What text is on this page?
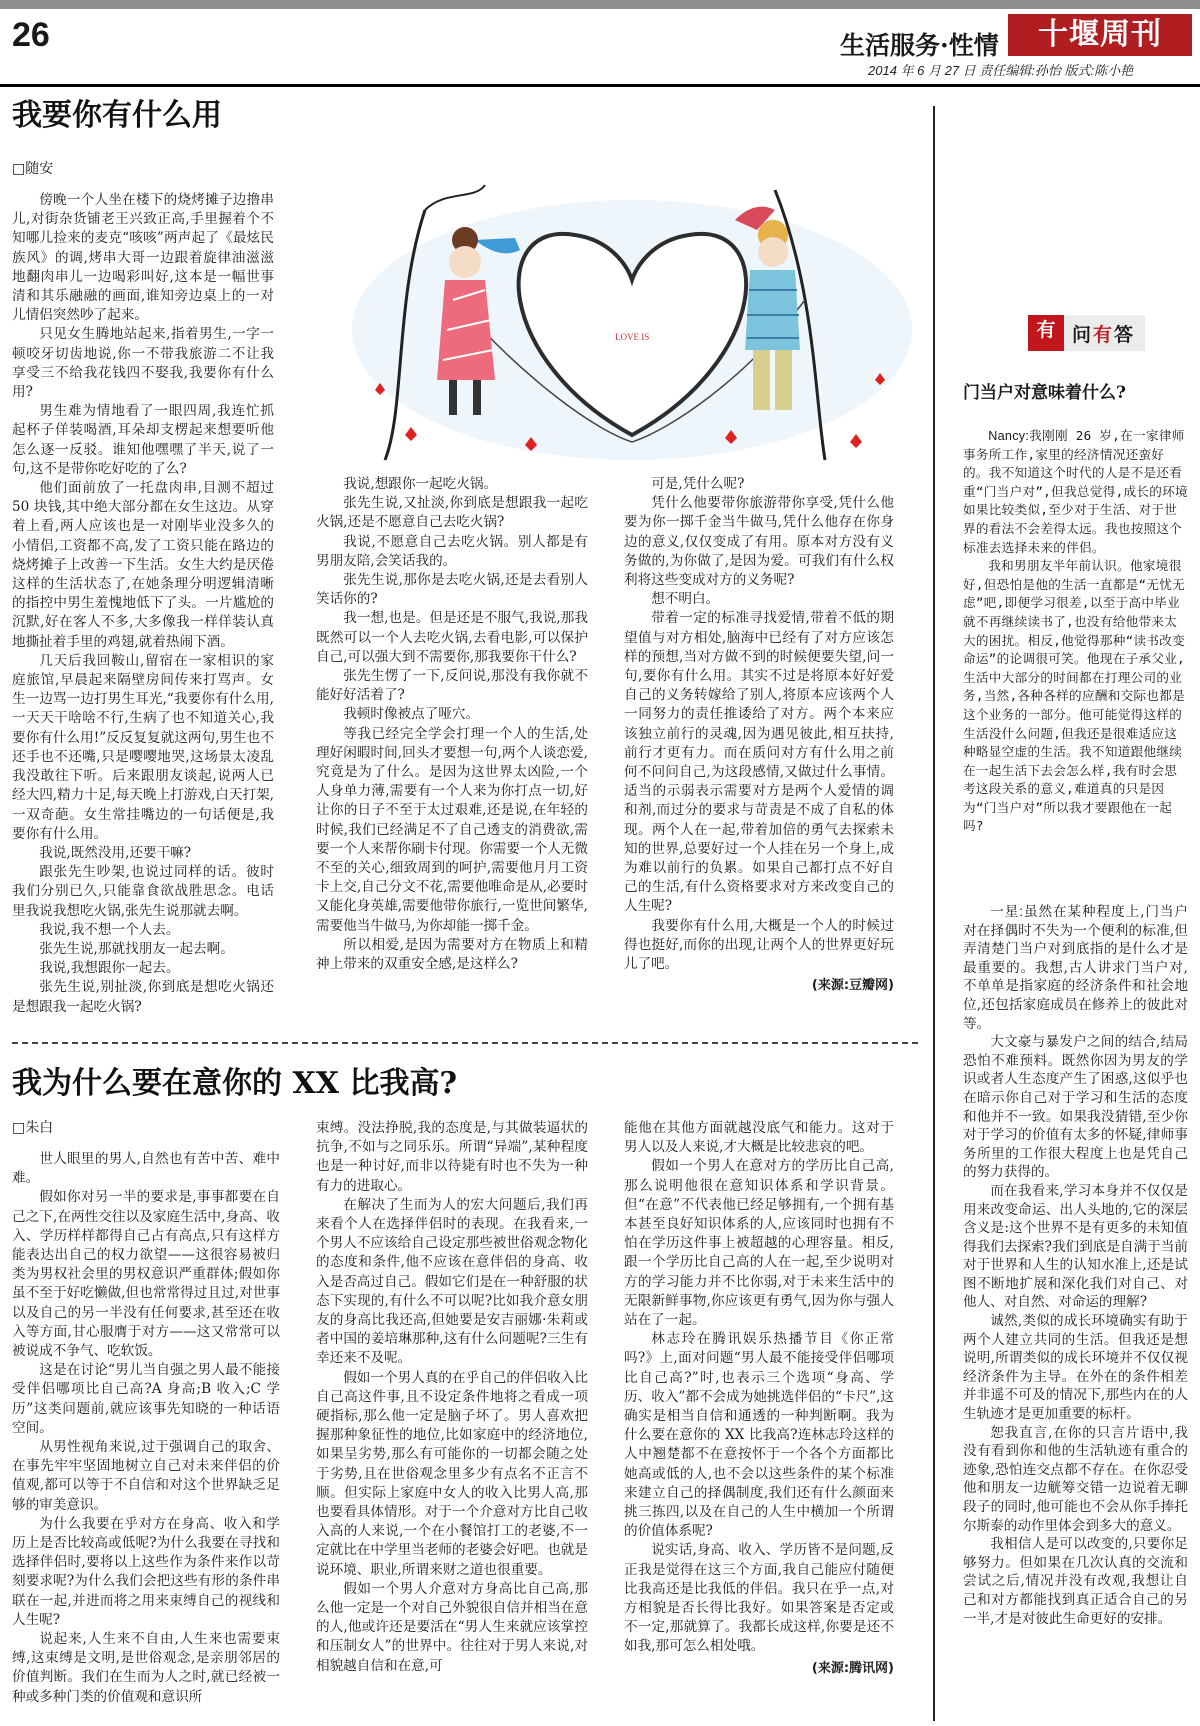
26	生活服务·性情	十堰周刊
2014 年 6 月 27 日 责任编辑:孙怡 版式:陈小艳
我要你有什么用
□随安

傍晚一个人坐在楼下的烧烤摊子边撸串儿,对街杂货铺老王兴致正高,手里握着个不知哪儿捡来的麦克“咳咳”两声起了《最炫民族风》的调,烤串大哥一边跟着旋律油滋滋地翻肉串儿一边喝彩叫好,这本是一幅世事清和其乐融融的画面,谁知旁边桌上的一对儿情侣突然吵了起来。

只见女生腾地站起来,指着男生,一字一顿咬牙切齿地说,你一不带我旅游二不让我享受三不给我花钱四不娶我,我要你有什么用?

男生难为情地看了一眼四周,我连忙抓起杯子佯装喝酒,耳朵却支楞起来想要听他怎么逐一反驳。谁知他嘿嘿了半天,说了一句,这不是带你吃好吃的了么?

他们面前放了一托盘肉串,目测不超过 50 块钱,其中绝大部分都在女生这边。从穿着上看,两人应该也是一对刚毕业没多久的小情侣,工资都不高,发了工资只能在路边的烧烤摊子上改善一下生活。女生大约是厌倦这样的生活状态了,在她条理分明逻辑清晰的指控中男生羞愧地低下了头。一片尴尬的沉默,好在客人不多,大多像我一样佯装认真地撕扯着手里的鸡翅,就着热闹下酒。

几天后我回鞍山,留宿在一家相识的家庭旅馆,早晨起来隔壁房间传来打骂声。女生一边骂一边打男生耳光,“我要你有什么用,一天天干啥啥不行,生病了也不知道关心,我要你有什么用!”反反复复就这两句,男生也不还手也不还嘴,只是嘤嘤地哭,这场景太凌乱我没敢往下听。后来跟朋友谈起,说两人已经大四,精力十足,每天晚上打游戏,白天打架,一双奇葩。女生常挂嘴边的一句话便是,我要你有什么用。

我说,既然没用,还要干嘛?

跟张先生吵架,也说过同样的话。彼时我们分别已久,只能靠食欲战胜思念。电话里我说我想吃火锅,张先生说那就去啊。

我说,我不想一个人去。

张先生说,那就找朋友一起去啊。

我说,我想跟你一起去。

张先生说,别扯淡,你到底是想吃火锅还是想跟我一起吃火锅?

LOVE IS

我说,想跟你一起吃火锅。

张先生说,又扯淡,你到底是想跟我一起吃火锅,还是不愿意自己去吃火锅?

我说,不愿意自己去吃火锅。别人都是有男朋友陪,会笑话我的。

张先生说,那你是去吃火锅,还是去看别人笑话你的?

我一想,也是。但是还是不服气,我说,那我既然可以一个人去吃火锅,去看电影,可以保护自己,可以强大到不需要你,那我要你干什么?

张先生愣了一下,反问说,那没有我你就不能好好活着了?

我顿时像被点了哑穴。

等我已经完全学会打理一个人的生活,处理好闲暇时间,回头才要想一句,两个人谈恋爱,究竟是为了什么。是因为这世界太凶险,一个人身单力薄,需要有一个人来为你打点一切,好让你的日子不至于太过艰难,还是说,在年轻的时候,我们已经满足不了自己透支的消费欲,需要一个人来帮你刷卡付现。你需要一个人无微不至的关心,细致周到的呵护,需要他月月工资卡上交,自己分文不花,需要他唯命是从,必要时又能化身英雄,需要他带你旅行,一览世间繁华,需要他当牛做马,为你却能一掷千金。

所以相爱,是因为需要对方在物质上和精神上带来的双重安全感,是这样么?

可是,凭什么呢?

凭什么他要带你旅游带你享受,凭什么他要为你一掷千金当牛做马,凭什么他存在你身边的意义,仅仅变成了有用。原本对方没有义务做的,为你做了,是因为爱。可我们有什么权利将这些变成对方的义务呢?

想不明白。

带着一定的标准寻找爱情,带着不低的期望值与对方相处,脑海中已经有了对方应该怎样的预想,当对方做不到的时候便要失望,问一句,要你有什么用。其实不过是将原本好好爱自己的义务转嫁给了别人,将原本应该两个人一同努力的责任推诿给了对方。两个本来应该独立前行的灵魂,因为遇见彼此,相互扶持,前行才更有力。而在质问对方有什么用之前何不问问自己,为这段感情,又做过什么事情。适当的示弱表示需要对方是两个人爱情的调和剂,而过分的要求与苛责是不成了自私的体现。两个人在一起,带着加倍的勇气去探索未知的世界,总要好过一个人挂在另一个身上,成为难以前行的负累。如果自己都打点不好自己的生活,有什么资格要求对方来改变自己的人生呢?

我要你有什么用,大概是一个人的时候过得也挺好,而你的出现,让两个人的世界更好玩儿了吧。

(来源:豆瓣网)
我为什么要在意你的 XX 比我高?
□朱白

世人眼里的男人,自然也有苦中苦、难中难。

假如你对另一半的要求是,事事都要在自己之下,在两性交往以及家庭生活中,身高、收入、学历样样都得自己占有高点,只有这样方能表达出自己的权力欲望——这很容易被归类为男权社会里的男权意识严重群体;假如你虽不至于好吃懒做,但也常常得过且过,对世事以及自己的另一半没有任何要求,甚至还在收入等方面,甘心服膺于对方——这又常常可以被说成不争气、吃软饭。

这是在讨论“男儿当自强之男人最不能接受伴侣哪项比自己高?A 身高;B 收入;C 学历”这类问题前,就应该事先知晓的一种话语空间。

从男性视角来说,过于强调自己的取舍、在事先牢牢坚固地树立自己对未来伴侣的价值观,都可以等于不自信和对这个世界缺乏足够的审美意识。

为什么我要在乎对方在身高、收入和学历上是否比较高或低呢?为什么我要在寻找和选择伴侣时,要将以上这些作为条件来作以苛刻要求呢?为什么我们会把这些有形的条件串联在一起,并进而将之用来束缚自己的视线和人生呢?

说起来,人生来不自由,人生来也需要束缚,这束缚是文明,是世俗观念,是亲朋邻居的价值判断。我们在生而为人之时,就已经被一种或多种门类的价值观和意识所

束缚。没法挣脱,我的态度是,与其做装逼状的抗争,不如与之同乐乐。所谓“异端”,某种程度也是一种讨好,而非以待毙有时也不失为一种有力的进取心。

在解决了生而为人的宏大问题后,我们再来看个人在选择伴侣时的表现。在我看来,一个男人不应该给自己设定那些被世俗观念物化的态度和条件,他不应该在意伴侣的身高、收入是否高过自己。假如它们是在一种舒服的状态下实现的,有什么不可以呢?比如我介意女朋友的身高比我还高,但她要是安吉丽娜·朱莉或者中国的姜培琳那种,这有什么问题呢?三生有幸还来不及呢。

假如一个男人真的在乎自己的伴侣收入比自己高这件事,且不设定条件地将之看成一项硬指标,那么他一定是脑子坏了。男人喜欢把握那种象征性的地位,比如家庭中的经济地位,如果呈劣势,那么有可能你的一切都会随之处于劣势,且在世俗观念里多少有点名不正言不顺。但实际上家庭中女人的收入比男人高,那也要看具体情形。对于一个介意对方比自己收入高的人来说,一个在小餐馆打工的老婆,不一定就比在中学里当老师的老婆会好吧。也就是说环境、职业,所谓来财之道也很重要。

假如一个男人介意对方身高比自己高,那么他一定是一个对自己外貌很自信并相当在意的人,他或许还是要活在“男人生来就应该掌控和压制女人”的世界中。往往对于男人来说,对相貌越自信和在意,可

能他在其他方面就越没底气和能力。这对于男人以及人来说,才大概是比较悲哀的吧。

假如一个男人在意对方的学历比自己高,那么说明他很在意知识体系和学识背景。但“在意”不代表他已经足够拥有,一个拥有基本甚至良好知识体系的人,应该同时也拥有不怕在学历这件事上被超越的心理容量。相反,跟一个学历比自己高的人在一起,至少说明对方的学习能力并不比你弱,对于未来生活中的无限新鲜事物,你应该更有勇气,因为你与强人站在了一起。

林志玲在腾讯娱乐热播节目《你正常吗?》上,面对问题“男人最不能接受伴侣哪项比自己高?”时,也表示三个选项“身高、学历、收入”都不会成为她挑选伴侣的“卡尺”,这确实是相当自信和通透的一种判断啊。我为什么要在意你的 XX 比我高?连林志玲这样的人中翘楚都不在意按怀于一个各个方面都比她高或低的人,也不会以这些条件的某个标准来建立自己的择偶制度,我们还有什么颜面来挑三拣四,以及在自己的人生中横加一个所谓的价值体系呢?

说实话,身高、收入、学历皆不是问题,反正我是觉得在这三个方面,我自己能应付随便比我高还是比我低的伴侣。我只在乎一点,对方相貌是否长得比我好。如果答案是否定或不一定,那就算了。我都长成这样,你要是还不如我,那可怎么相处哦。

(来源:腾讯网)
有 问有答
门当户对意味着什么?

Nancy:我刚刚 26 岁,在一家律师事务所工作,家里的经济情况还蛮好的。我不知道这个时代的人是不是还看重“门当户对”,但我总觉得,成长的环境如果比较类似,至少对于生活、对于世界的看法不会差得太远。我也按照这个标准去选择未来的伴侣。

我和男朋友半年前认识。他家境很好,但恐怕是他的生活一直都是“无忧无虑”吧,即便学习很差,以至于高中毕业就不再继续读书了,也没有给他带来太大的困扰。相反,他觉得那种“读书改变命运”的论调很可笑。他现在子承父业,生活中大部分的时间都在打理公司的业务,当然,各种各样的应酬和交际也都是这个业务的一部分。他可能觉得这样的生活没什么问题,但我还是很难适应这种略显空虚的生活。我不知道跟他继续在一起生活下去会怎么样,我有时会思考这段关系的意义,难道真的只是因为“门当户对”所以我才要跟他在一起吗?

一星:虽然在某种程度上,门当户对在择偶时不失为一个便利的标准,但弄清楚门当户对到底指的是什么才是最重要的。我想,古人讲求门当户对,不单单是指家庭的经济条件和社会地位,还包括家庭成员在修养上的彼此对等。

大文豪与暴发户之间的结合,结局恐怕不难预料。既然你因为男友的学识或者人生态度产生了困惑,这似乎也在暗示你自己对于学习和生活的态度和他并不一致。如果我没猜错,至少你对于学习的价值有太多的怀疑,律师事务所里的工作很大程度上也是凭自己的努力获得的。

而在我看来,学习本身并不仅仅是用来改变命运、出人头地的,它的深层含义是:这个世界不是有更多的未知值得我们去探索?我们到底是自满于当前对于世界和人生的认知水准上,还是试图不断地扩展和深化我们对自己、对他人、对自然、对命运的理解?

诚然,类似的成长环境确实有助于两个人建立共同的生活。但我还是想说明,所谓类似的成长环境并不仅仅视经济条件为主导。在外在的条件相差并非遥不可及的情况下,那些内在的人生轨迹才是更加重要的标杆。

恕我直言,在你的只言片语中,我没有看到你和他的生活轨迹有重合的迹象,恐怕连交点都不存在。在你忍受他和朋友一边觥筹交错一边说着无聊段子的同时,他可能也不会从你手捧托尔斯泰的动作里体会到多大的意义。

我相信人是可以改变的,只要你足够努力。但如果在几次认真的交流和尝试之后,情况并没有改观,我想让自己和对方都能找到真正适合自己的另一半,才是对彼此生命更好的安排。
